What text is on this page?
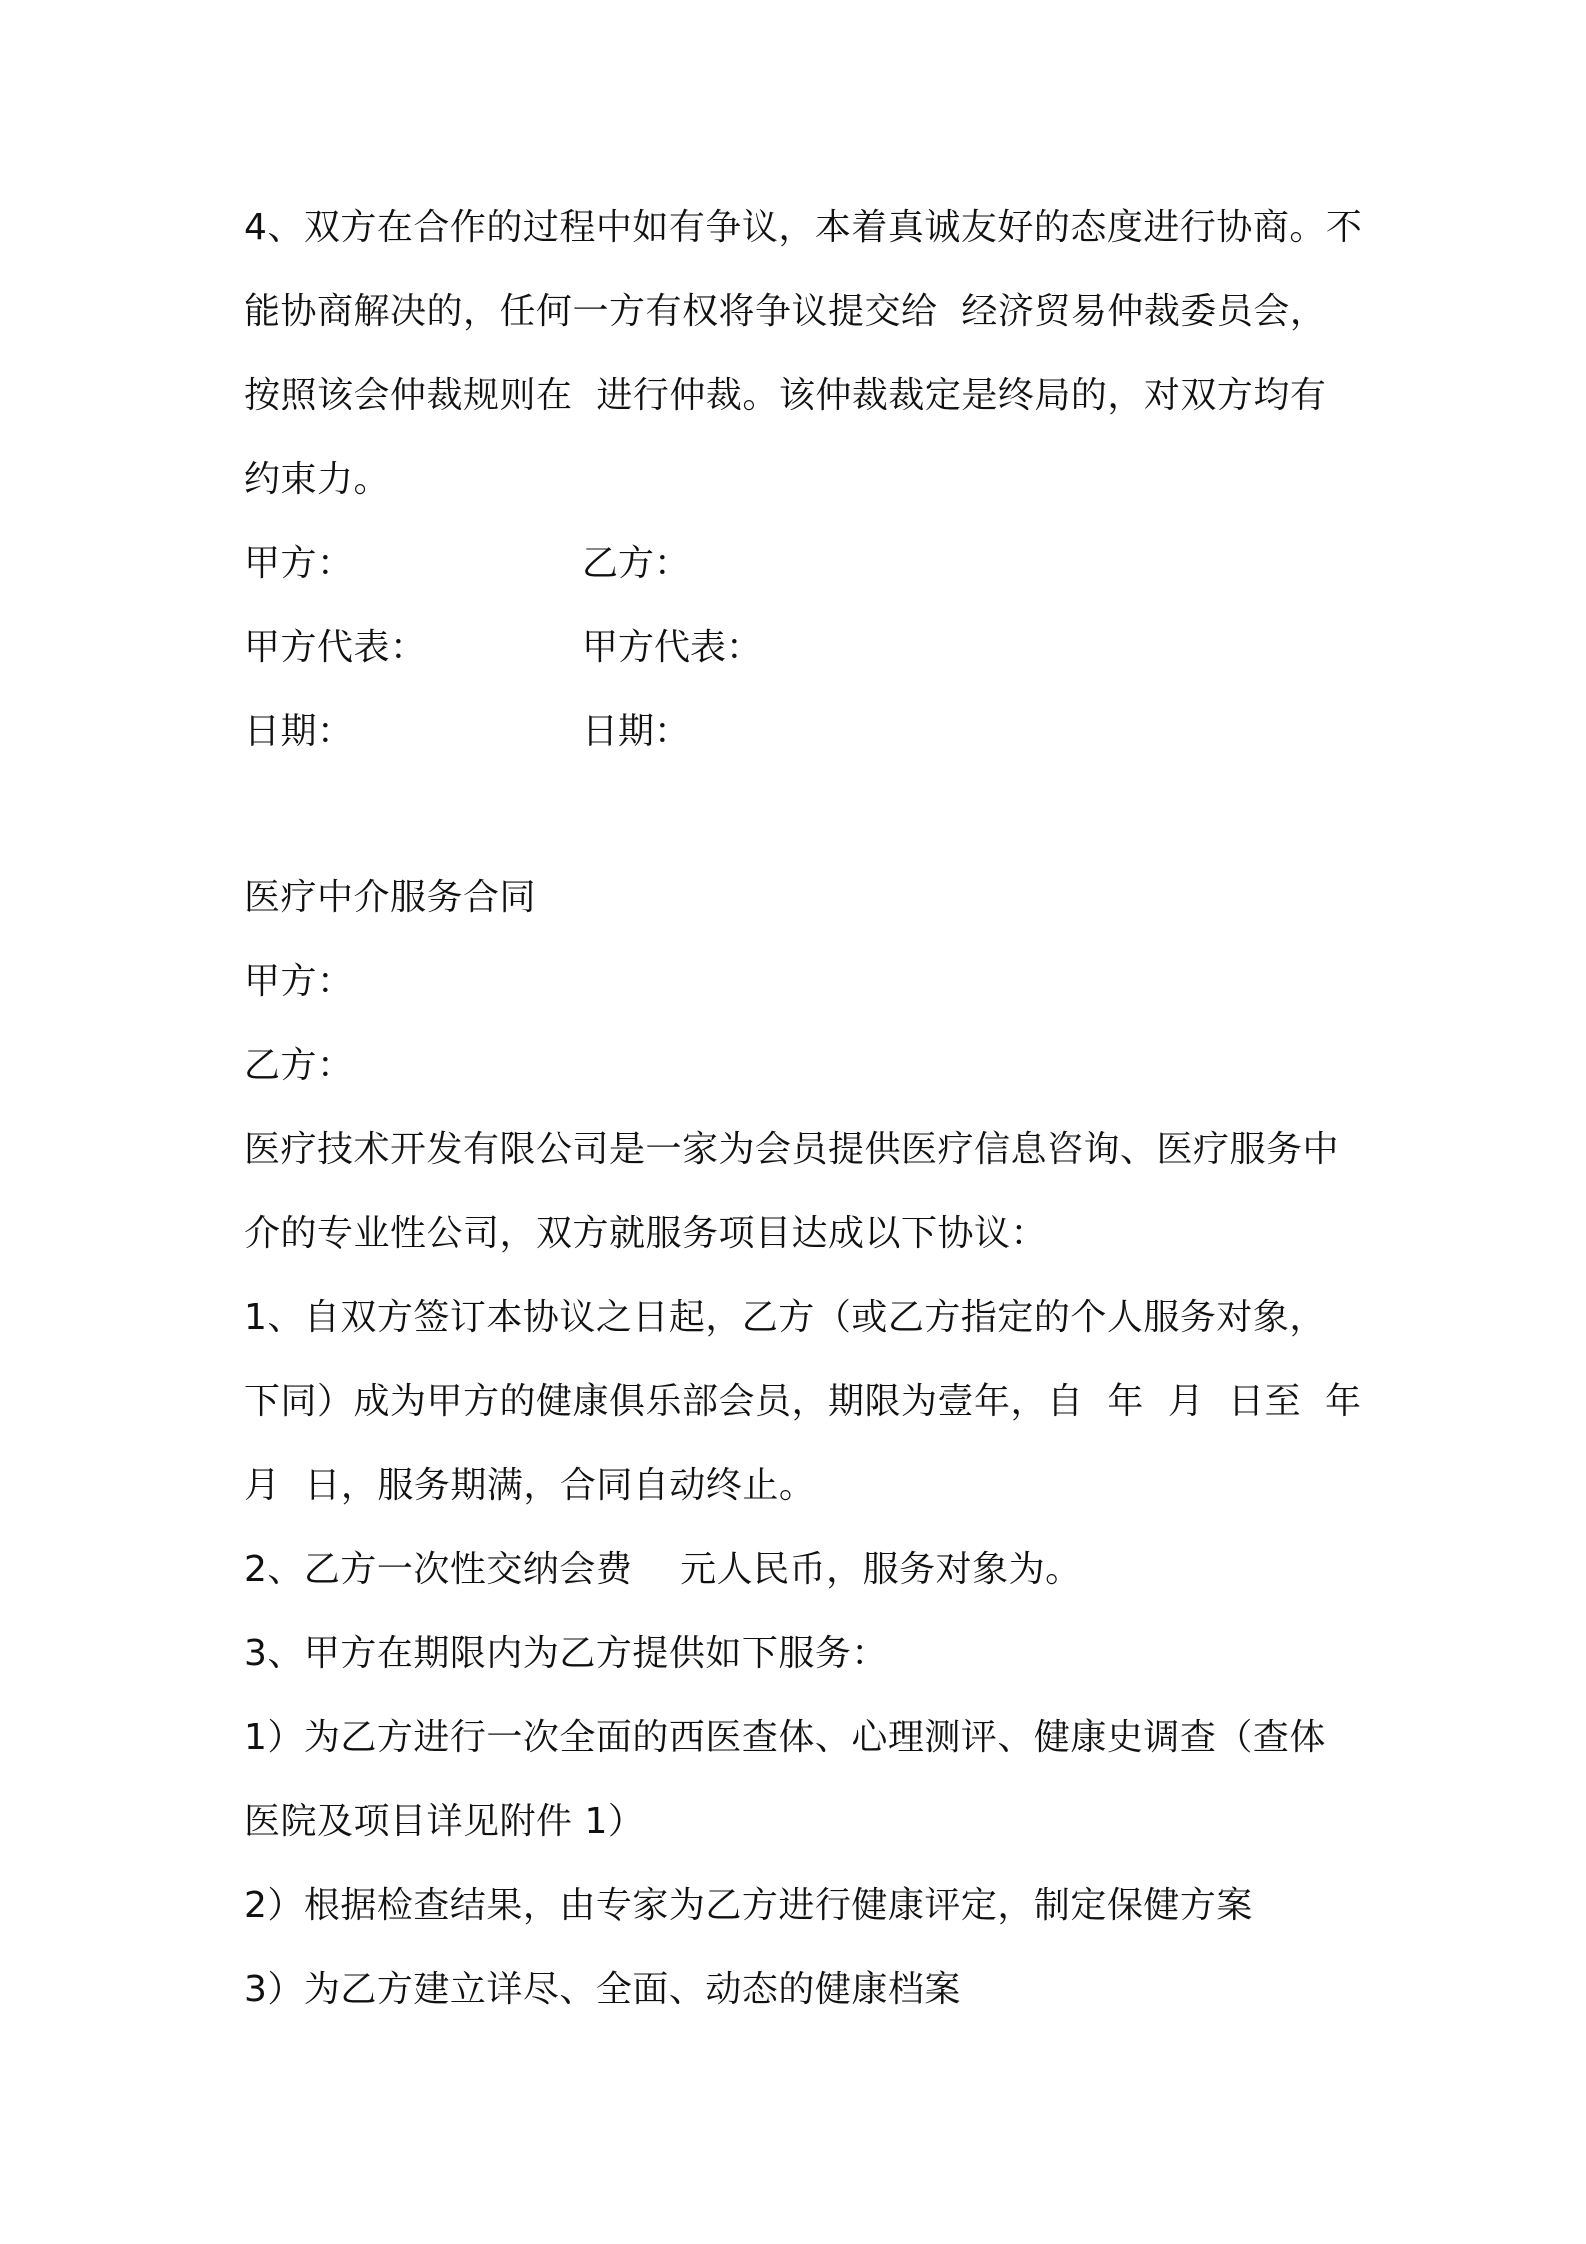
4、双方在合作的过程中如有争议，本着真诚友好的态度进行协商。不
能协商解决的，任何一方有权将争议提交给  经济贸易仲裁委员会，
按照该会仲裁规则在  进行仲裁。该仲裁裁定是终局的，对双方均有
约束力。
甲方：	乙方：
甲方代表：	甲方代表：
日期：	日期：
医疗中介服务合同
甲方：
乙方：
医疗技术开发有限公司是一家为会员提供医疗信息咨询、医疗服务中
介的专业性公司，双方就服务项目达成以下协议：
1、自双方签订本协议之日起，乙方（或乙方指定的个人服务对象，
下同）成为甲方的健康俱乐部会员，期限为壹年，自  年  月  日至  年
月  日，服务期满，合同自动终止。
2、乙方一次性交纳会费    元人民币，服务对象为。
3、甲方在期限内为乙方提供如下服务：
1）为乙方进行一次全面的西医查体、心理测评、健康史调查（查体
医院及项目详见附件 1）
2）根据检查结果，由专家为乙方进行健康评定，制定保健方案
3）为乙方建立详尽、全面、动态的健康档案
